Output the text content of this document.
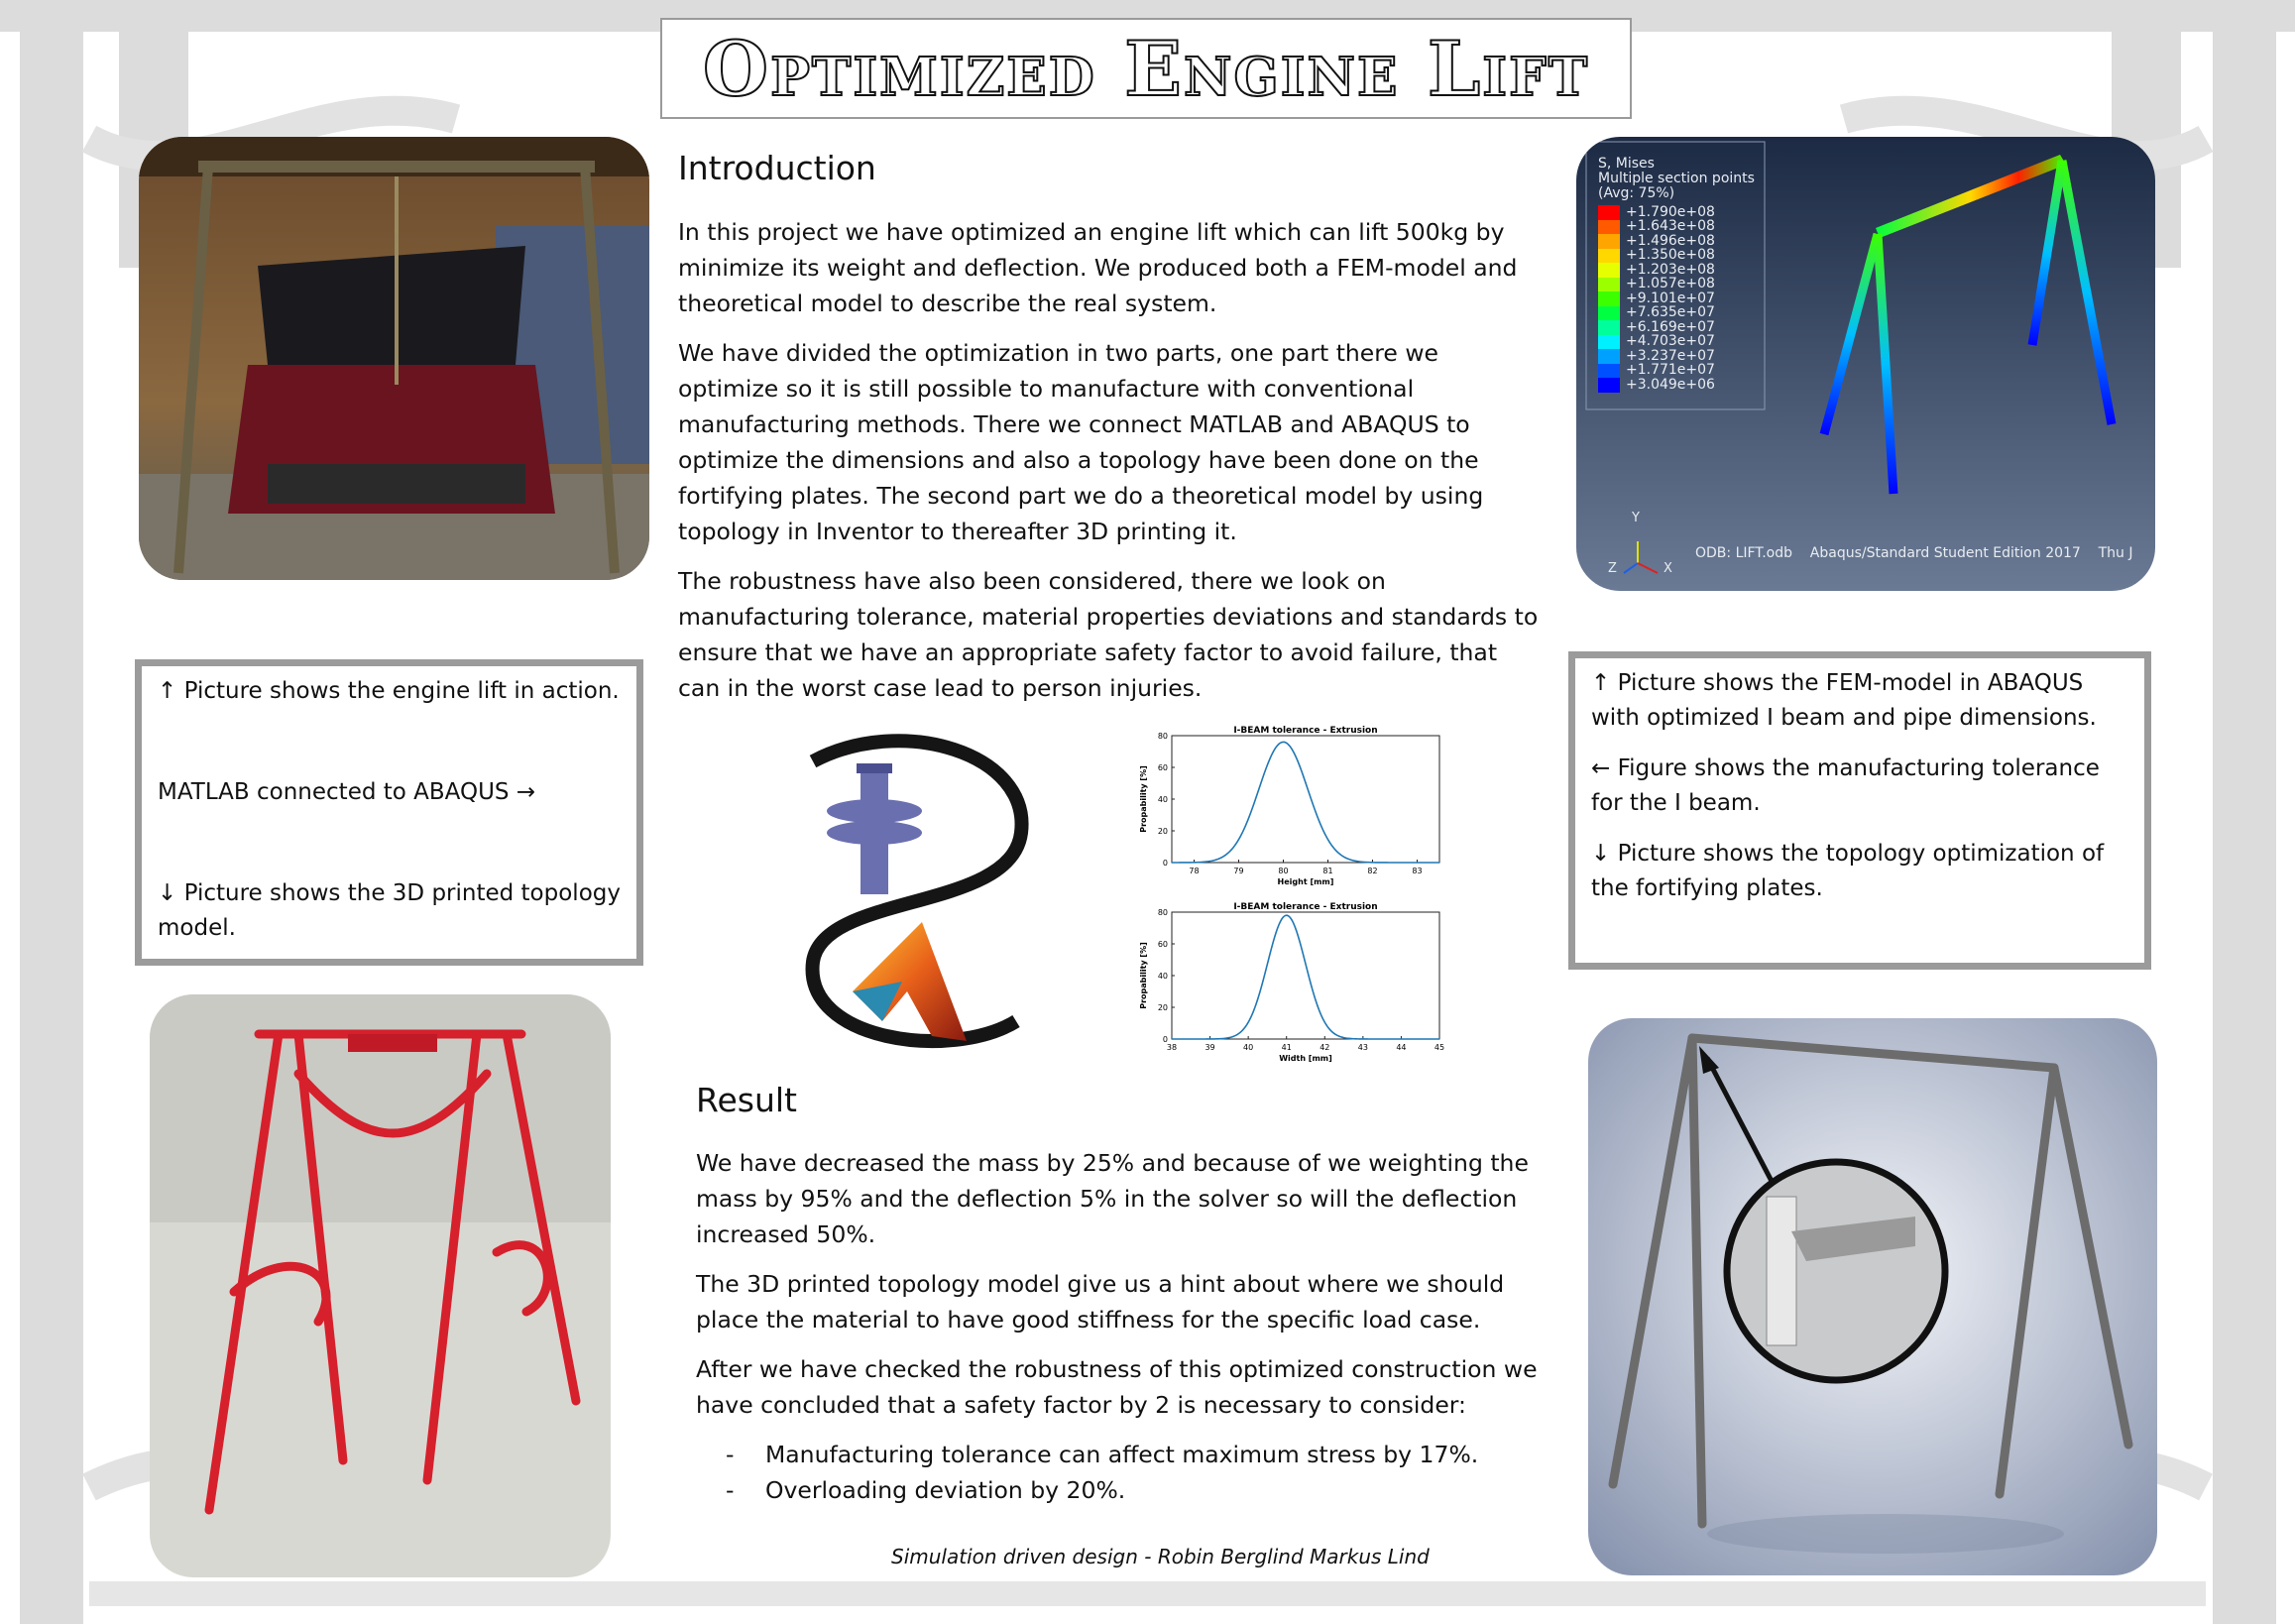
Optimized Engine Lift

↑ Picture shows the engine lift in action.

MATLAB connected to ABAQUS →

↓ Picture shows the 3D printed topology model.

S, Mises
Multiple section points
(Avg: 75%)
+1.790e+08
+1.643e+08
+1.496e+08
+1.350e+08
+1.203e+08
+1.057e+08
+9.101e+07
+7.635e+07
+6.169e+07
+4.703e+07
+3.237e+07
+1.771e+07
+3.049e+06
Y
Z	X

ODB: LIFT.odb    Abaqus/Standard Student Edition 2017    Thu J

↑ Picture shows the FEM-model in ABAQUS with optimized I beam and pipe dimensions.

← Figure shows the manufacturing tolerance for the I beam.

↓ Picture shows the topology optimization of the fortifying plates.

Introduction

In this project we have optimized an engine lift which can lift 500kg by minimize its weight and deflection. We produced both a FEM-model and theoretical model to describe the real system.

We have divided the optimization in two parts, one part there we optimize so it is still possible to manufacture with conventional manufacturing methods. There we connect MATLAB and ABAQUS to optimize the dimensions and also a topology have been done on the fortifying plates. The second part we do a theoretical model by using topology in Inventor to thereafter 3D printing it.

The robustness have also been considered, there we look on manufacturing tolerance, material properties deviations and standards to ensure that we have an appropriate safety factor to avoid failure, that can in the worst case lead to person injuries.

I-BEAM tolerance - Extrusion
78	79	80	81	82	83
0
20
40
60
80
Height [mm]
Propability [%]
I-BEAM tolerance - Extrusion
38	39	40	41	42	43	44	45
0
20
40
60
80
Width [mm]
Propability [%]
Result

We have decreased the mass by 25% and because of we weighting the mass by 95% and the deflection 5% in the solver so will the deflection increased 50%.

The 3D printed topology model give us a hint about where we should place the material to have good stiffness for the specific load case.

After we have checked the robustness of this optimized construction we have concluded that a safety factor by 2 is necessary to consider:

- Manufacturing tolerance can affect maximum stress by 17%.
- Overloading deviation by 20%.
Simulation driven design - Robin Berglind Markus Lind
